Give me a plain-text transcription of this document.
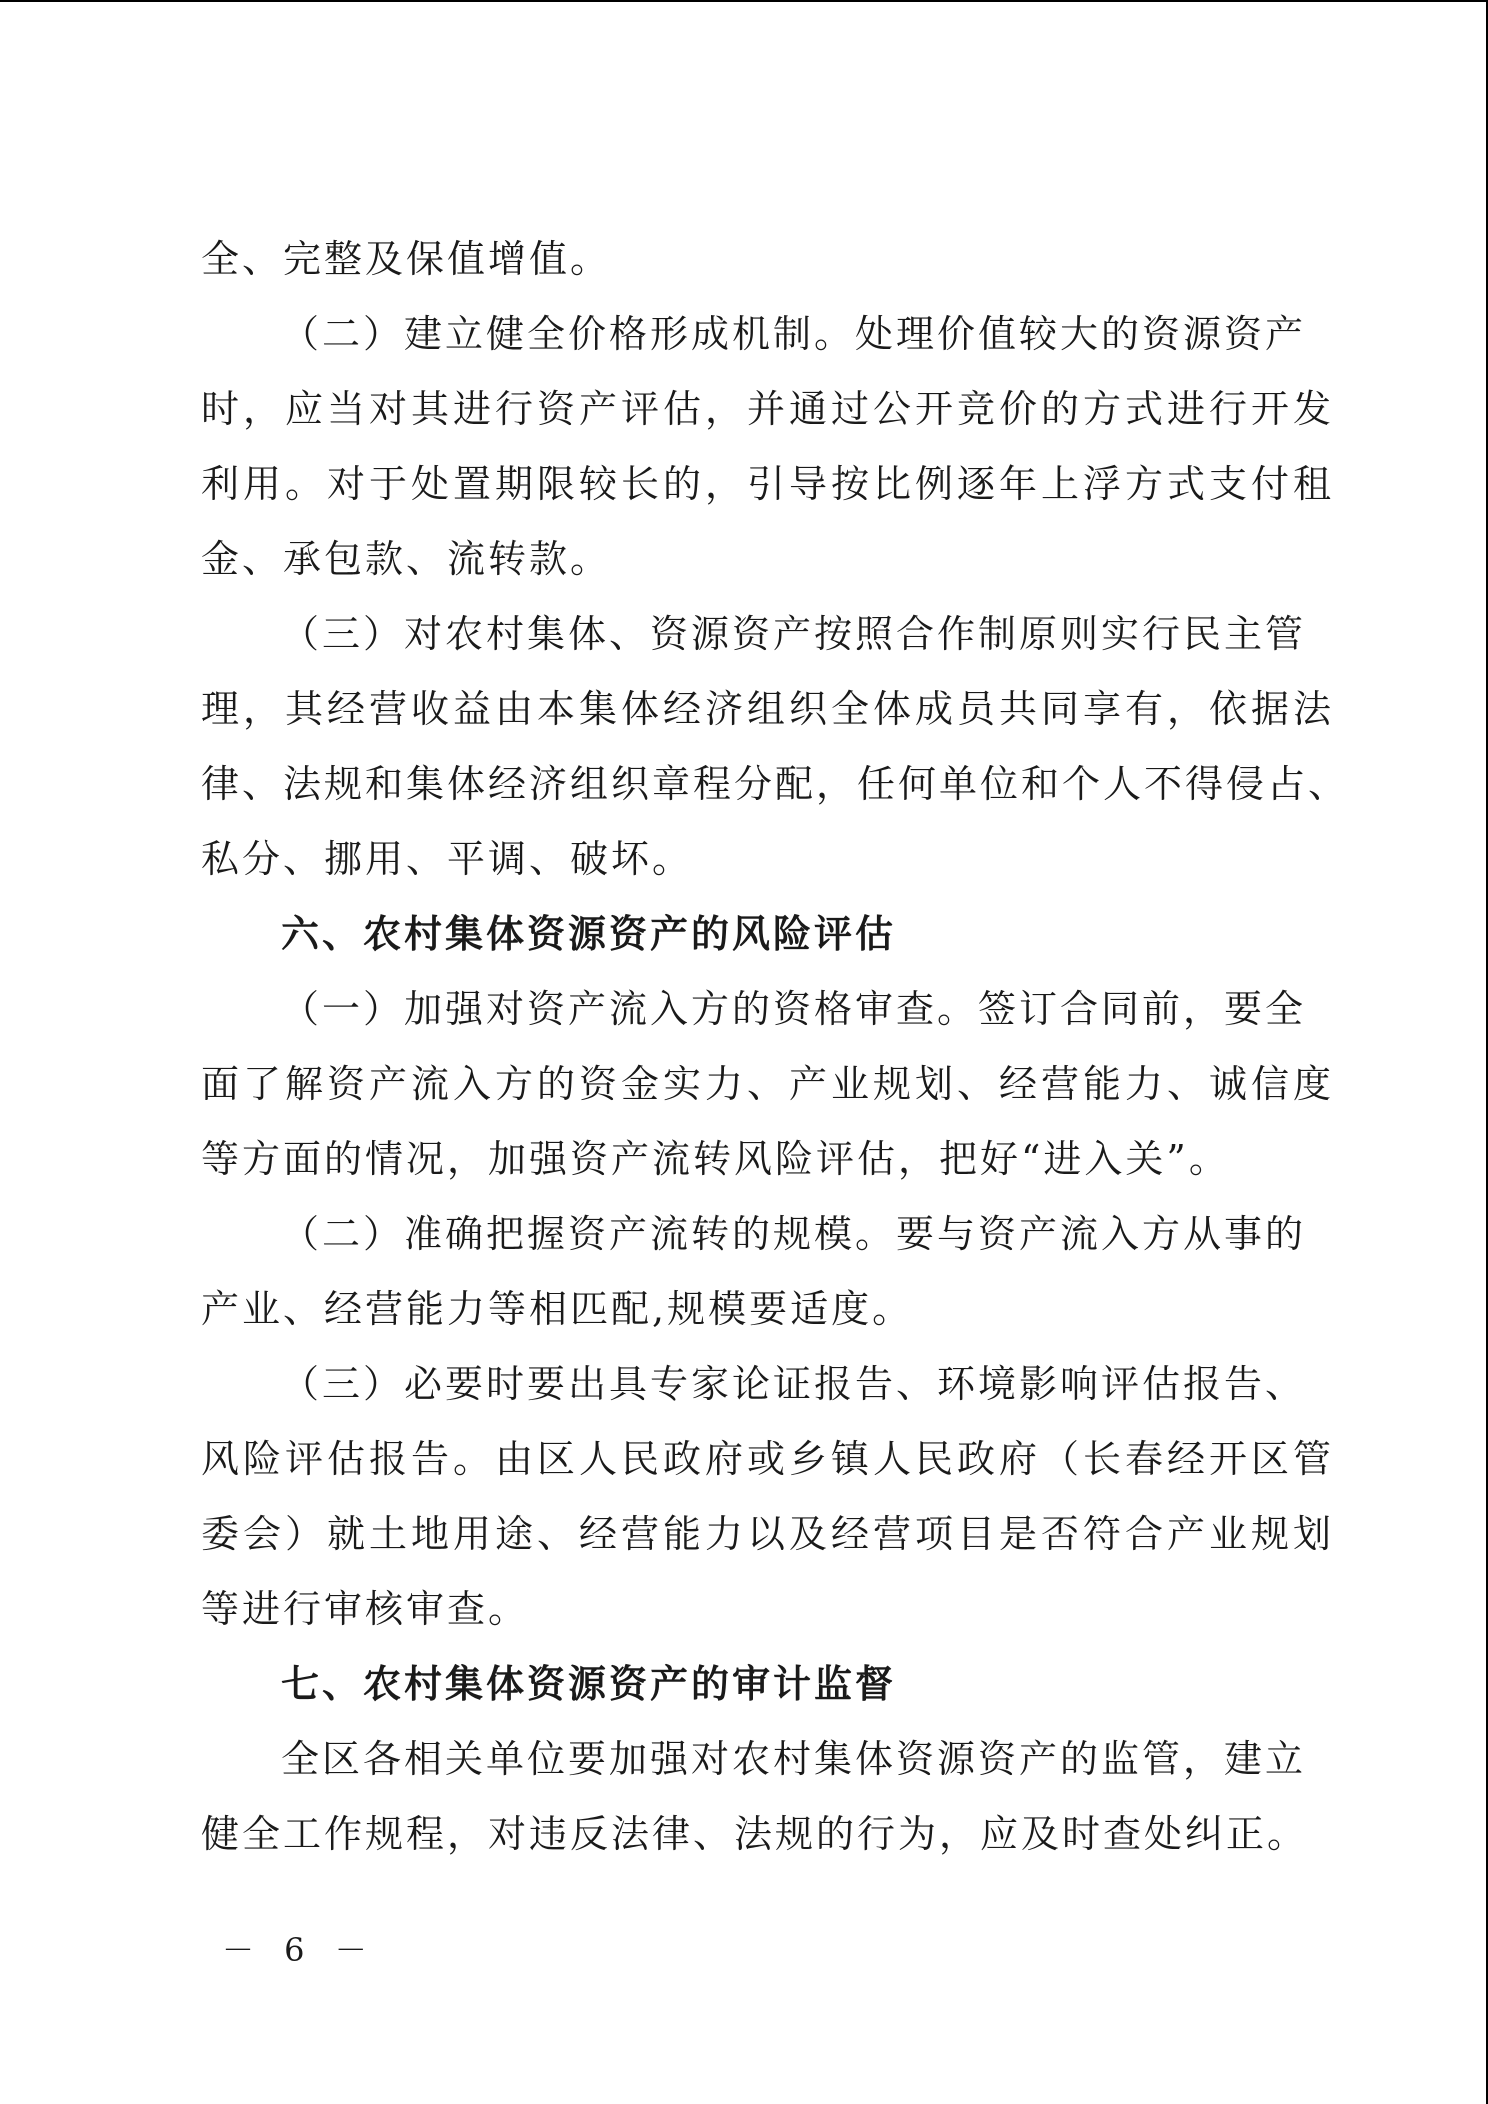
全、完整及保值增值。
（二）建立健全价格形成机制。处理价值较大的资源资产
时，应当对其进行资产评估，并通过公开竞价的方式进行开发
利用。对于处置期限较长的，引导按比例逐年上浮方式支付租
金、承包款、流转款。
（三）对农村集体、资源资产按照合作制原则实行民主管
理，其经营收益由本集体经济组织全体成员共同享有，依据法
律、法规和集体经济组织章程分配，任何单位和个人不得侵占、
私分、挪用、平调、破坏。
六、农村集体资源资产的风险评估
（一）加强对资产流入方的资格审查。签订合同前，要全
面了解资产流入方的资金实力、产业规划、经营能力、诚信度
等方面的情况，加强资产流转风险评估，把好“进入关”。
（二）准确把握资产流转的规模。要与资产流入方从事的
产业、经营能力等相匹配,规模要适度。
（三）必要时要出具专家论证报告、环境影响评估报告、
风险评估报告。由区人民政府或乡镇人民政府（长春经开区管
委会）就土地用途、经营能力以及经营项目是否符合产业规划
等进行审核审查。
七、农村集体资源资产的审计监督
全区各相关单位要加强对农村集体资源资产的监管，建立
健全工作规程，对违反法律、法规的行为，应及时查处纠正。
－ 6 －
